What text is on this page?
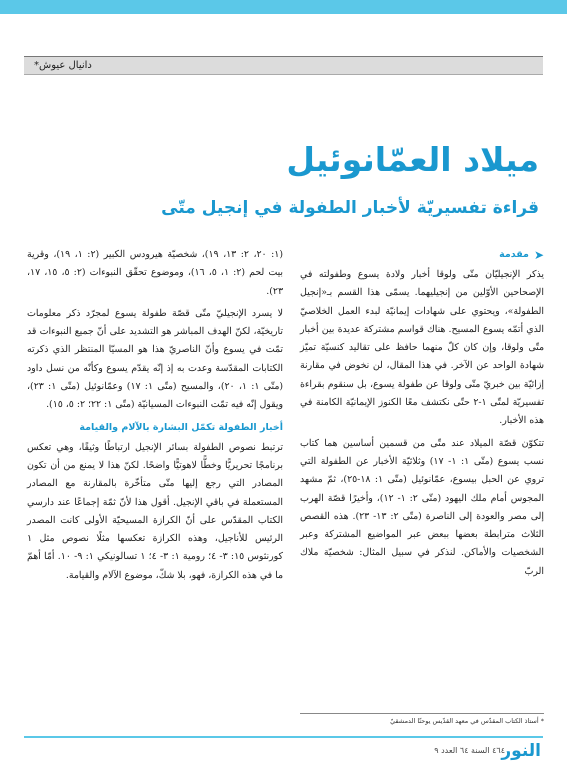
دانيال عيوش*
ميلاد العمّانوئيل
قراءة تفسيريّة لأخبار الطفولة في إنجيل متّى
➤
مقدمة

يذكر الإنجيليّان متّى ولوقا أخبار ولادة يسوع وطفولته في الإصحاحين الأوّلين من إنجيليهما. يسمّى هذا القسم بـ«إنجيل الطفولة»، ويحتوي على شهادات إيمانيّة لبدء العمل الخلاصيّ الذي أتمّه يسوع المسيح. هناك قواسم مشتركة عديدة بين أخبار متّى ولوقا، وإن كان كلّ منهما حافظ على تقاليد كنسيّة تميّز شهادة الواحد عن الآخر. في هذا المقال، لن نخوض في مقارنة إزائيّة بين خبريّ متّى ولوقا عن طفولة يسوع، بل سنقوم بقراءة تفسيريّة لمتّى ١-٢ حتّى نكتشف معًا الكنوز الإيمانيّة الكامنة في هذه الأخبار.

تتكوّن قصّة الميلاد عند متّى من قسمين أساسين هما كتاب نسب يسوع (متّى ١: ١- ١٧) وثلاثيّة الأخبار عن الطفولة التي تروي عن الحبل بيسوع، عمّانوئيل (متّى ١: ١٨-٢٥)، ثمّ مشهد المجوس أمام ملك اليهود (متّى ٢: ١- ١٢)، وأخيرًا قصّة الهرب إلى مصر والعودة إلى الناصرة (متّى ٢: ١٣- ٢٣). هذه القصص الثلاث مترابطة بعضها ببعض عبر المواضيع المشتركة وعبر الشخصيات والأماكن. لنذكر في سبيل المثال: شخصيّة ملاك الربّ

(١: ٢٠، ٢: ١٣، ١٩)، شخصيّة هيرودس الكبير (٢: ١، ١٩)، وقرية بيت لحم (٢: ١، ٥، ١٦)، وموضوع تحقّق النبوءات (٢: ٥، ١٥، ١٧، ٢٣).

لا يسرد الإنجيليّ متّى قصّة طفولة يسوع لمجرّد ذكر معلومات تاريخيّة، لكنّ الهدف المباشر هو التشديد على أنّ جميع النبوءات قد تمّت في يسوع وأنّ الناصريّ هذا هو المسيّا المنتظر الذي ذكرته الكتابات المقدّسة وعدت به إذ إنّه يقدّم يسوع وكأنّه من نسل داود (متّى ١: ١، ٢٠)، والمسيح (متّى ١: ١٧) وعمّانوئيل (متّى ١: ٢٣)، ويقول إنّه فيه تمّت النبوءات المسيانيّة (متّى ١: ٢٢؛ ٢: ٥، ١٥).

أخبار الطفولة تكمّل البشارة بالآلام والقيامة

ترتبط نصوص الطفولة بسائر الإنجيل ارتباطًا وثيقًا، وهي تعكس برنامجًا تحريريًّا وخطًّا لاهوتيًّا واضحًا. لكنّ هذا لا يمنع من أن تكون المصادر التي رجع إليها متّى متأخّرة بالمقارنة مع المصادر المستعملة في باقي الإنجيل. أقول هذا لأنّ ثمّة إجماعًا عند دارسي الكتاب المقدّس على أنّ الكرازة المسيحيّة الأولى كانت المصدر الرئيس للأناجيل، وهذه الكرازة تعكسها مثلًا نصوص مثل ١ كورنثوس ١٥: ٣- ٤؛ رومية ١: ٣- ٤؛ ١ تسالونيكي ١: ٩- ١٠. أمّا أهمّ ما في هذه الكرازة، فهو، بلا شكّ، موضوع الآلام والقيامة.

* أستاذ الكتاب المقدّس في معهد القدّيس يوحنّا الدمشقيّ
النور
٤٦٤ السنة ٦٤ العدد ٩
